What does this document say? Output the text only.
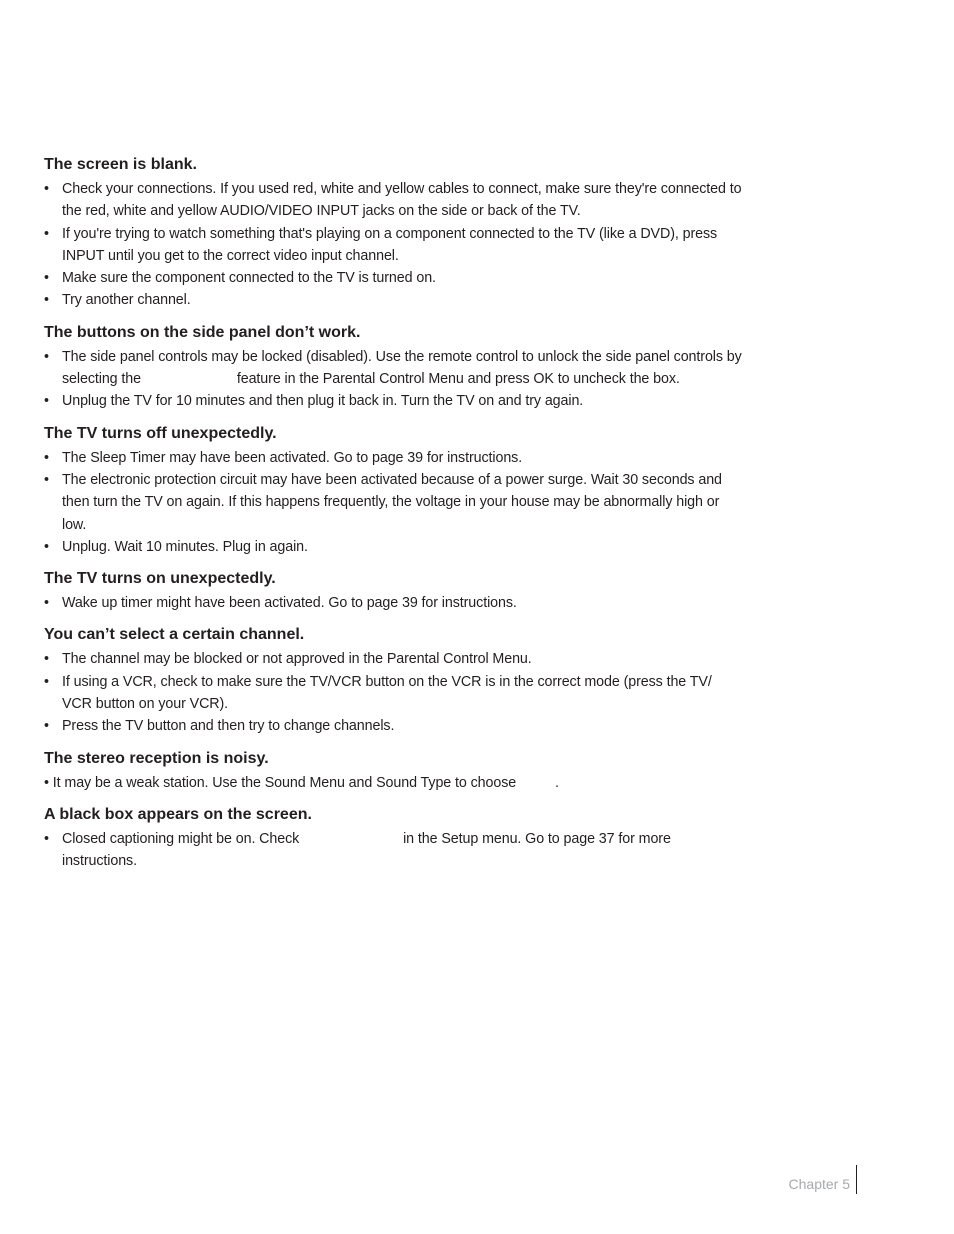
The screen is blank.
• Check your connections. If you used red, white and yellow cables to connect, make sure they're connected to the red, white and yellow AUDIO/VIDEO INPUT jacks on the side or back of the TV.
• If you're trying to watch something that's playing on a component connected to the TV (like a DVD), press INPUT until you get to the correct video input channel.
• Make sure the component connected to the TV is turned on.
• Try another channel.
The buttons on the side panel don’t work.
• The side panel controls may be locked (disabled). Use the remote control to unlock the side panel controls by selecting the	feature in the Parental Control Menu and press OK to uncheck the box.
• Unplug the TV for 10 minutes and then plug it back in. Turn the TV on and try again.
The TV turns off unexpectedly.
• The Sleep Timer may have been activated. Go to page 39 for instructions.
• The electronic protection circuit may have been activated because of a power surge. Wait 30 seconds and then turn the TV on again. If this happens frequently, the voltage in your house may be abnormally high or low.
• Unplug. Wait 10 minutes. Plug in again.
The TV turns on unexpectedly.
• Wake up timer might have been activated. Go to page 39 for instructions.
You can’t select a certain channel.
• The channel may be blocked or not approved in the Parental Control Menu.
• If using a VCR, check to make sure the TV/VCR button on the VCR is in the correct mode (press the TV/ VCR button on your VCR).
• Press the TV button and then try to change channels.
The stereo reception is noisy.
• It may be a weak station. Use the Sound Menu and Sound Type to choose	.
A black box appears on the screen.
• Closed captioning might be on. Check	in the Setup menu. Go to page 37 for more instructions.
Chapter 5
